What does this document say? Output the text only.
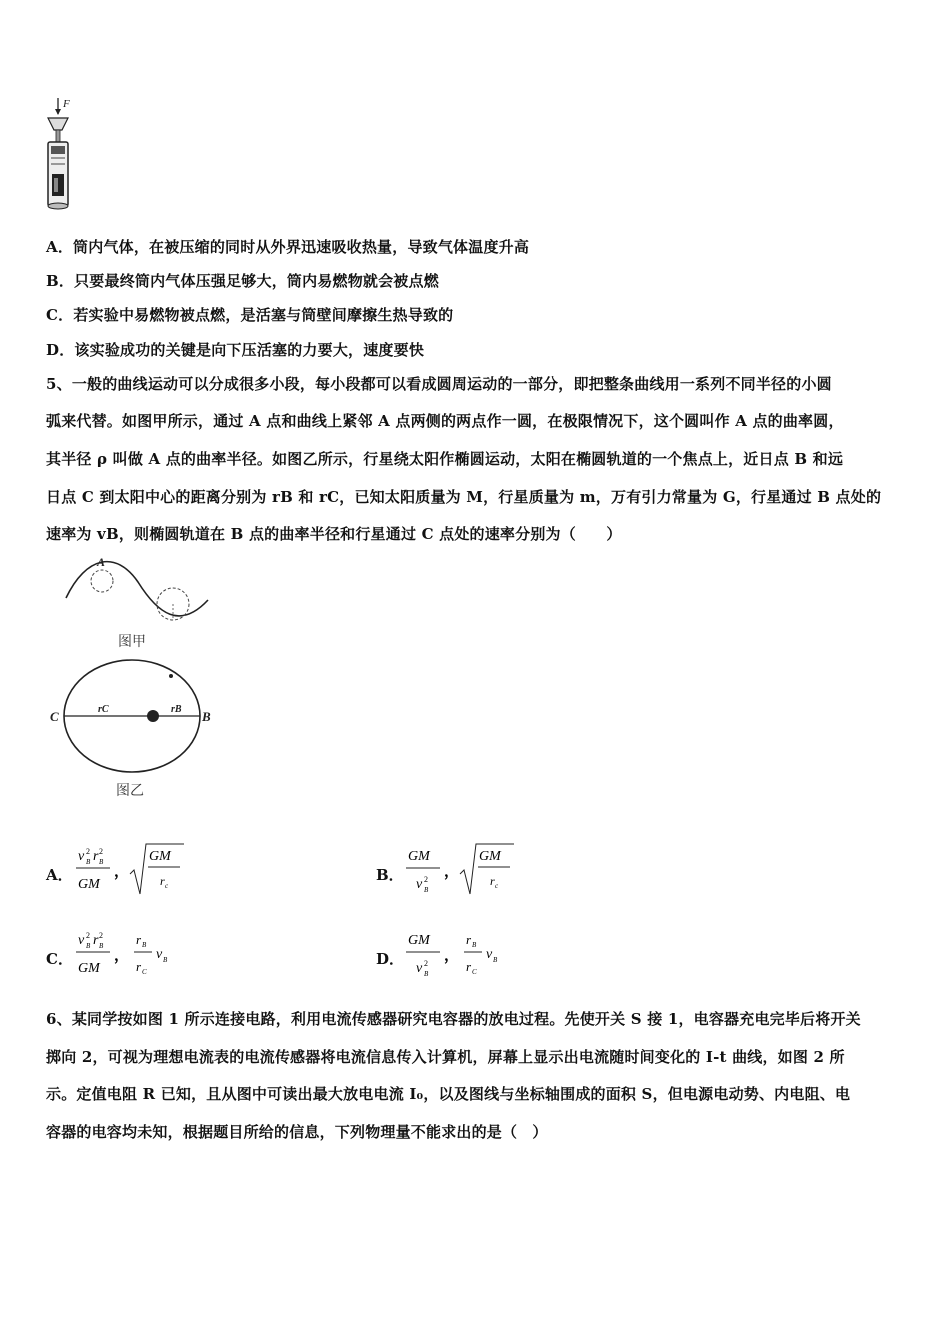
F
A．筒内气体，在被压缩的同时从外界迅速吸收热量，导致气体温度升高
B．只要最终筒内气体压强足够大，筒内易燃物就会被点燃
C．若实验中易燃物被点燃，是活塞与筒壁间摩擦生热导致的
D．该实验成功的关键是向下压活塞的力要大，速度要快
5、一般的曲线运动可以分成很多小段，每小段都可以看成圆周运动的一部分，即把整条曲线用一系列不同半径的小圆
弧来代替。如图甲所示，通过 A 点和曲线上紧邻 A 点两侧的两点作一圆，在极限情况下，这个圆叫作 A 点的曲率圆，
其半径 ρ 叫做 A 点的曲率半径。如图乙所示，行星绕太阳作椭圆运动，太阳在椭圆轨道的一个焦点上，近日点 B 和远
日点 C 到太阳中心的距离分别为 rB 和 rC，已知太阳质量为 M，行星质量为 m，万有引力常量为 G，行星通过 B 点处的
速率为 vB，则椭圆轨道在 B 点的曲率半径和行星通过 C 点处的速率分别为（　　）
A
图甲
C	B
rC	rB
图乙
A．
v 2
B r 2
B
GM
，
GM
r c
B．
GM
v 2
B
，
GM
r c
C．
v 2
B r 2
B
GM
，
r B
r C
v B	D．
GM
v 2
B
，
r B
r C
v B
6、某同学按如图 1 所示连接电路，利用电流传感器研究电容器的放电过程。先使开关 S 接 1，电容器充电完毕后将开关
掷向 2，可视为理想电流表的电流传感器将电流信息传入计算机，屏幕上显示出电流随时间变化的 I-t 曲线，如图 2 所
示。定值电阻 R 已知，且从图中可读出最大放电电流 I₀，以及图线与坐标轴围成的面积 S，但电源电动势、内电阻、电
容器的电容均未知，根据题目所给的信息，下列物理量不能求出的是（　）
